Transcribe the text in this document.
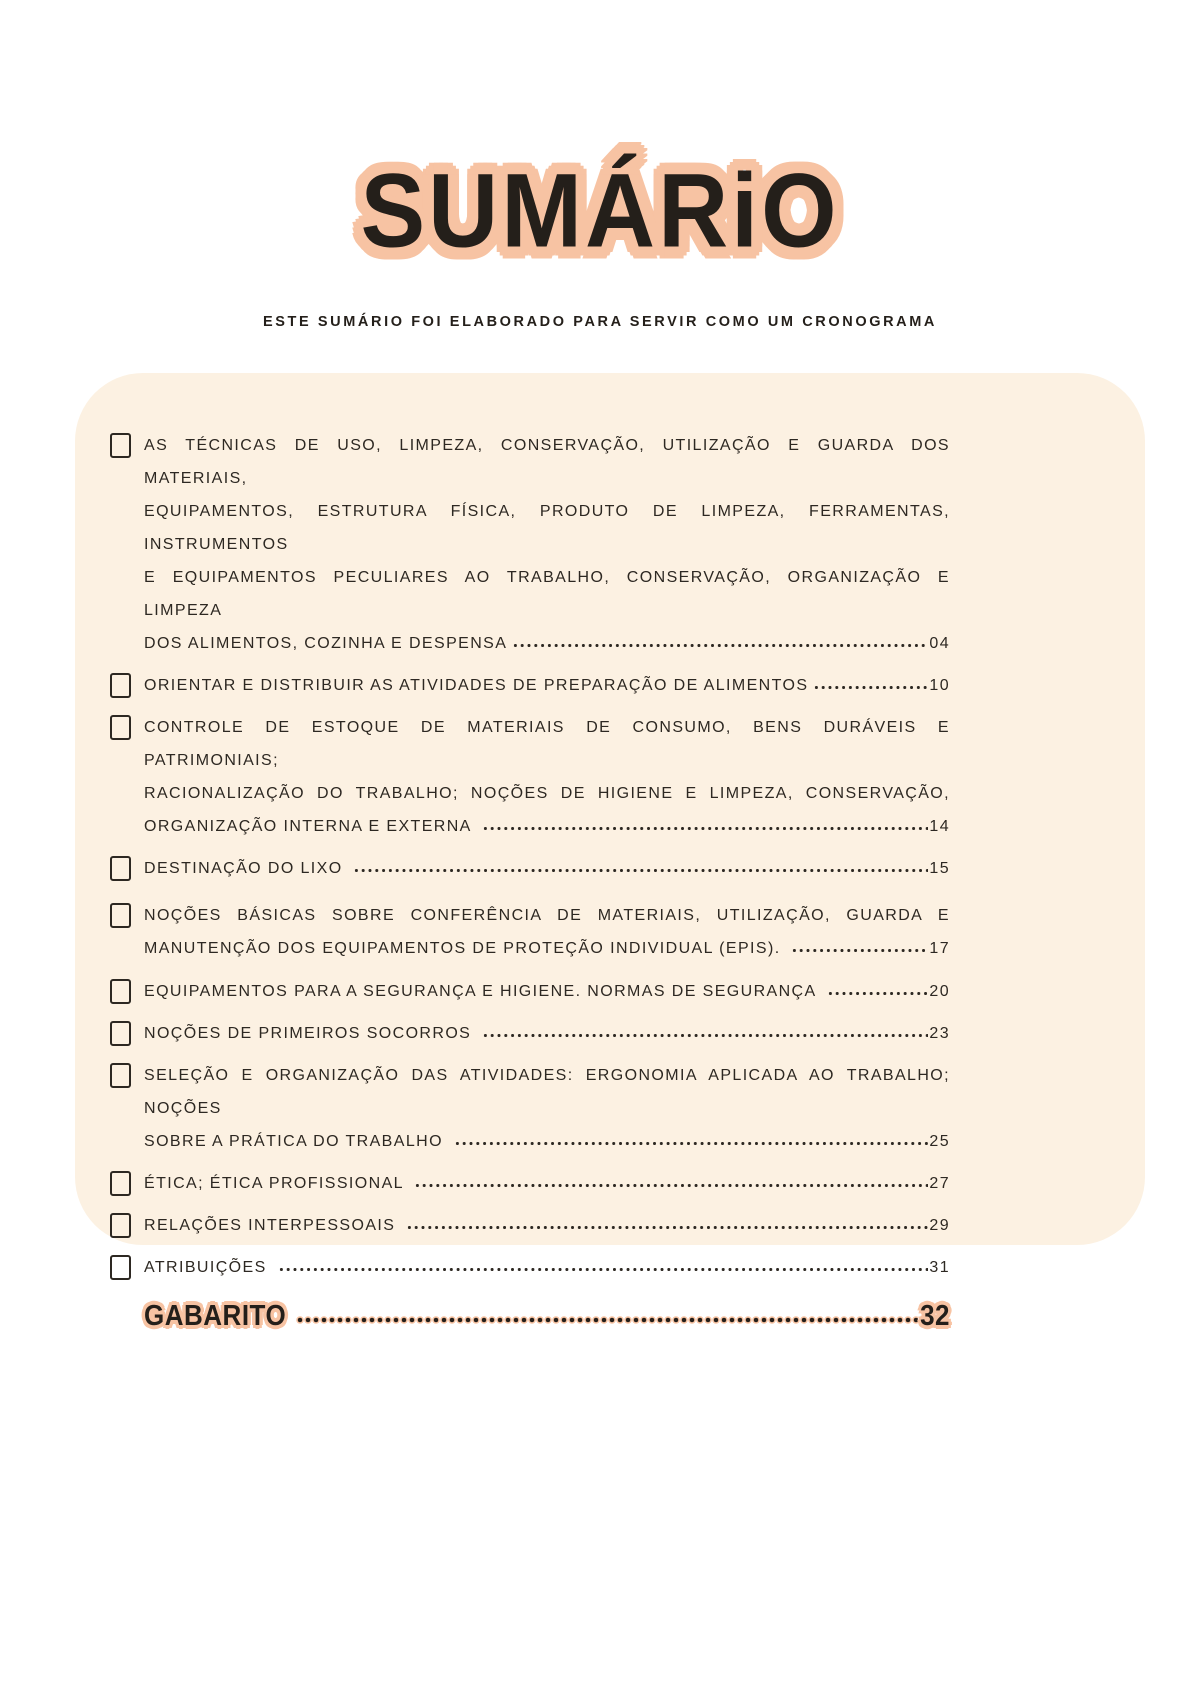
SUMÁRiO
ESTE SUMÁRIO FOI ELABORADO PARA SERVIR COMO UM CRONOGRAMA
AS TÉCNICAS DE USO, LIMPEZA, CONSERVAÇÃO, UTILIZAÇÃO E GUARDA DOS MATERIAIS,
EQUIPAMENTOS, ESTRUTURA FÍSICA, PRODUTO DE LIMPEZA, FERRAMENTAS, INSTRUMENTOS
E EQUIPAMENTOS PECULIARES AO TRABALHO, CONSERVAÇÃO, ORGANIZAÇÃO E LIMPEZA
DOS ALIMENTOS, COZINHA E DESPENSA	04
ORIENTAR E DISTRIBUIR AS ATIVIDADES DE PREPARAÇÃO DE ALIMENTOS	10
CONTROLE DE ESTOQUE DE MATERIAIS DE CONSUMO, BENS DURÁVEIS E PATRIMONIAIS;
RACIONALIZAÇÃO DO TRABALHO; NOÇÕES DE HIGIENE E LIMPEZA, CONSERVAÇÃO,
ORGANIZAÇÃO INTERNA E EXTERNA	14
DESTINAÇÃO DO LIXO	15
NOÇÕES BÁSICAS SOBRE CONFERÊNCIA DE MATERIAIS, UTILIZAÇÃO, GUARDA E
MANUTENÇÃO DOS EQUIPAMENTOS DE PROTEÇÃO INDIVIDUAL (EPIS).	17
EQUIPAMENTOS PARA A SEGURANÇA E HIGIENE. NORMAS DE SEGURANÇA	20
NOÇÕES DE PRIMEIROS SOCORROS	23
SELEÇÃO E ORGANIZAÇÃO DAS ATIVIDADES: ERGONOMIA APLICADA AO TRABALHO; NOÇÕES
SOBRE A PRÁTICA DO TRABALHO	25
ÉTICA; ÉTICA PROFISSIONAL	27
RELAÇÕES INTERPESSOAIS	29
ATRIBUIÇÕES	31
GABARITO	32
